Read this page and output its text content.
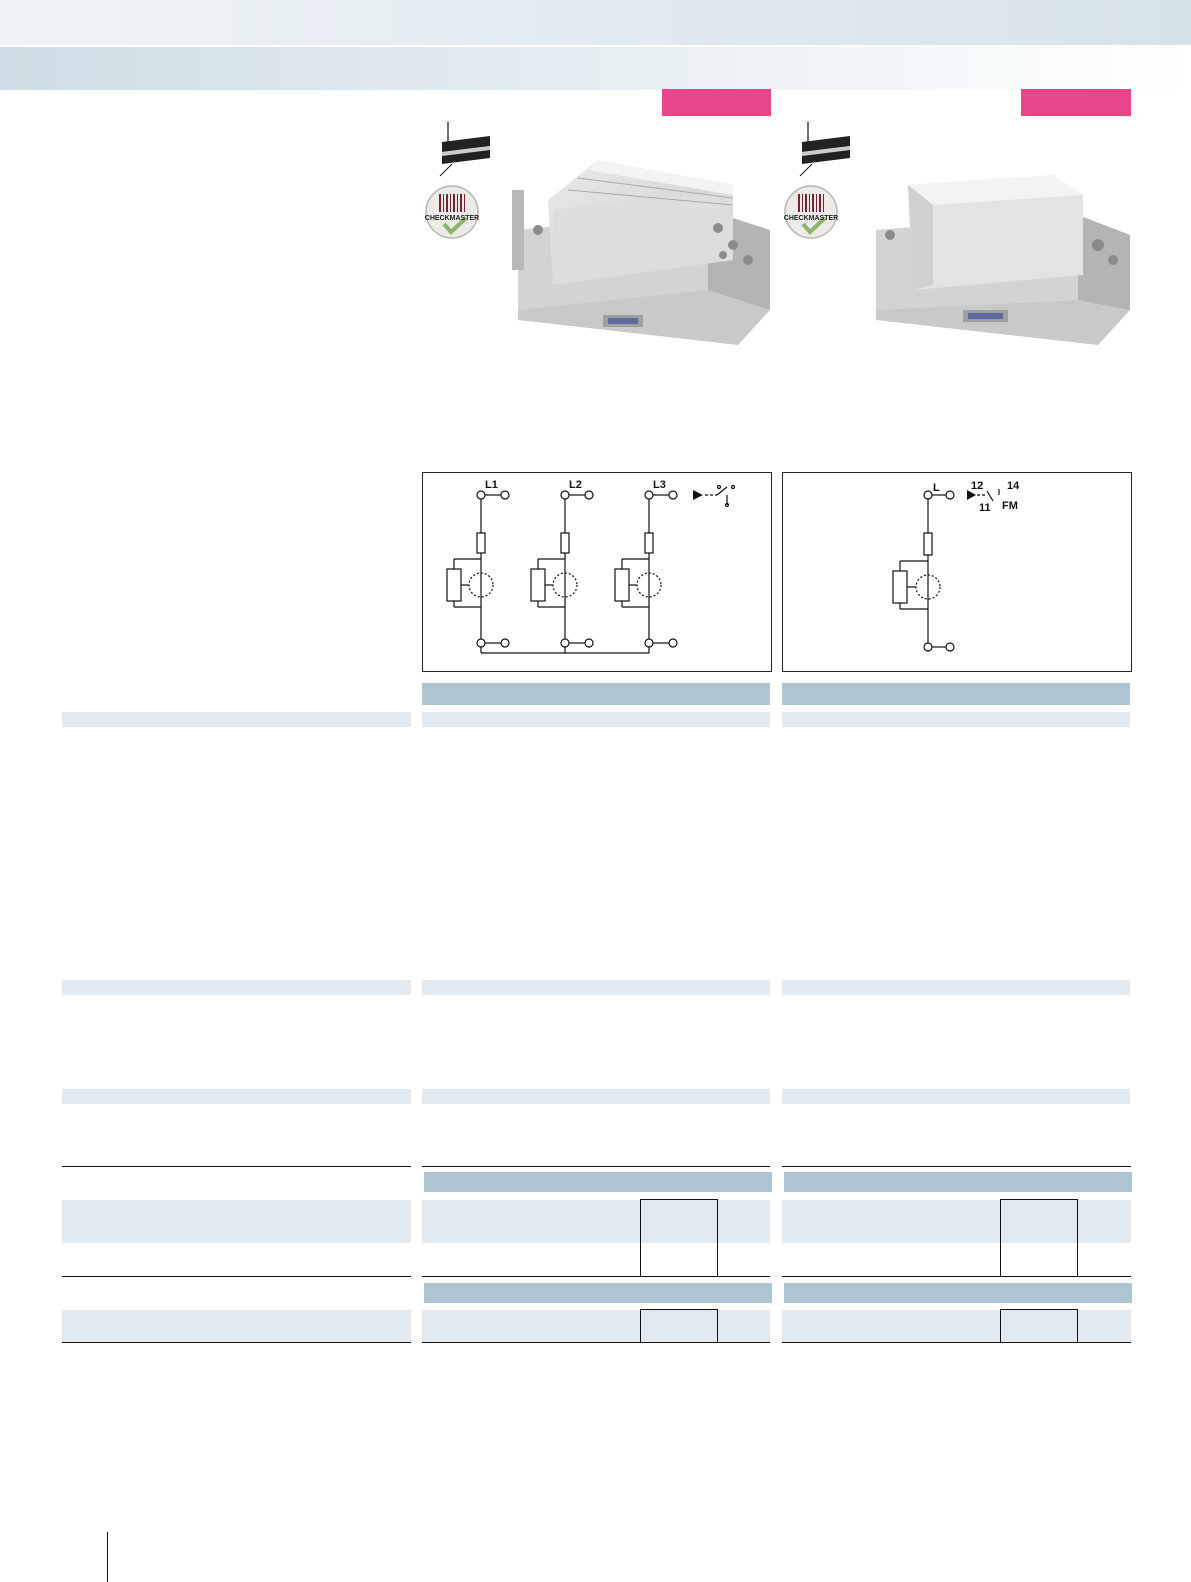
CHECKMASTER	CHECKMASTER
L1	L2	L3	L	12 14
11 FM
